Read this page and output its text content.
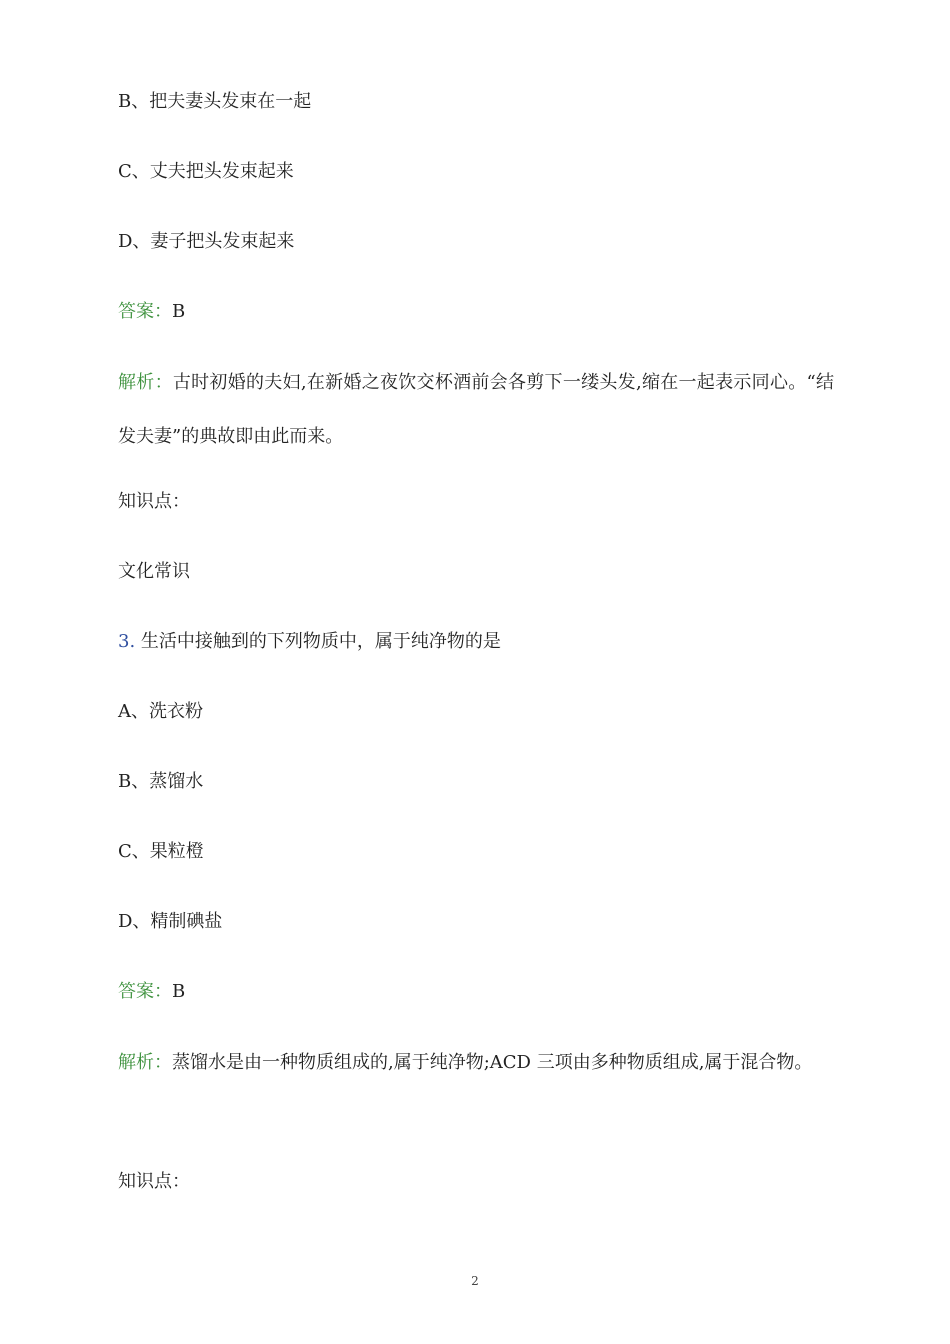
B、把夫妻头发束在一起
C、丈夫把头发束起来
D、妻子把头发束起来
答案：B
解析：古时初婚的夫妇,在新婚之夜饮交杯酒前会各剪下一缕头发,缩在一起表示同心。“结发夫妻”的典故即由此而来。
知识点：
文化常识
3. 生活中接触到的下列物质中，属于纯净物的是
A、洗衣粉
B、蒸馏水
C、果粒橙
D、精制碘盐
答案：B
解析：蒸馏水是由一种物质组成的,属于纯净物;ACD 三项由多种物质组成,属于混合物。
知识点：
2
